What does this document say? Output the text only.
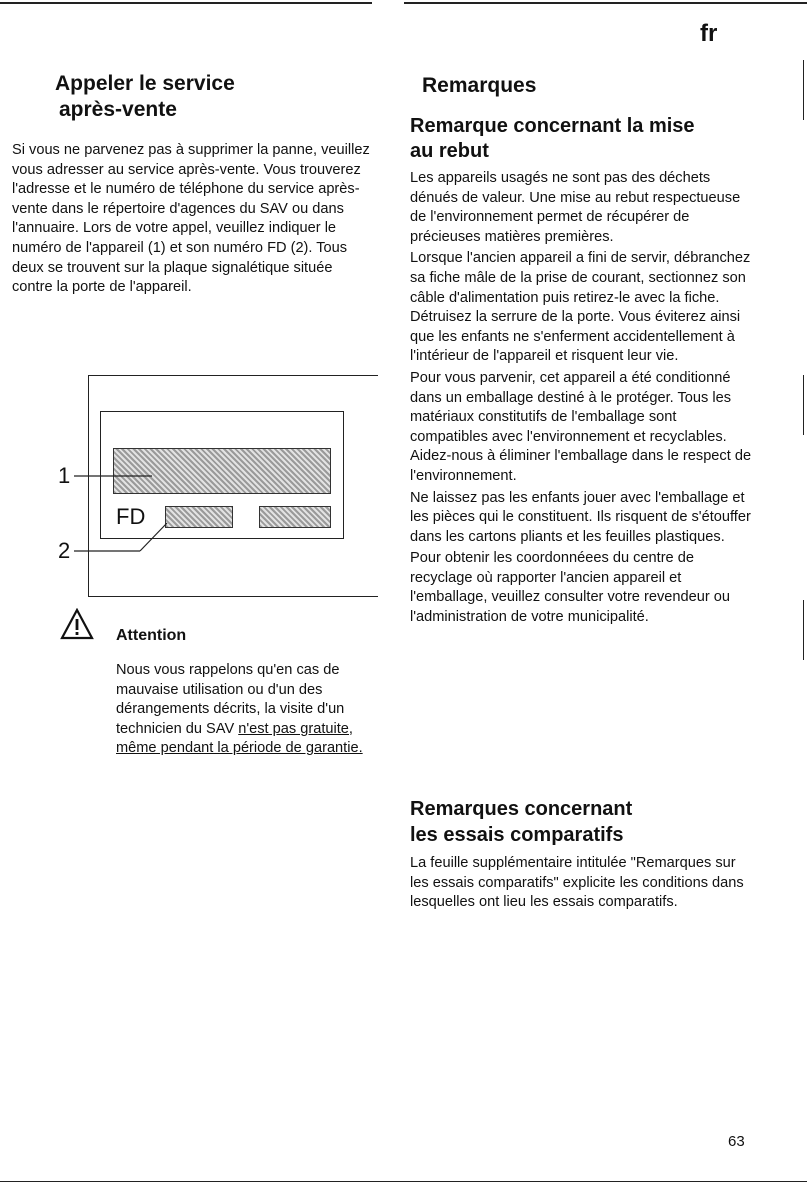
fr
Appeler le service
après-vente

Si vous ne parvenez pas à supprimer la panne, veuillez vous adresser au service après-vente. Vous trouverez l'adresse et le numéro de téléphone du service après-vente dans le répertoire d'agences du SAV ou dans l'annuaire. Lors de votre appel, veuillez indiquer le numéro de l'appareil (1) et son numéro FD (2). Tous deux se trouvent sur la plaque signalétique située contre la porte de l'appareil.

FD
1
2
Attention

Nous vous rappelons qu'en cas de mauvaise utilisation ou d'un des dérangements décrits, la visite d'un technicien du SAV n'est pas gratuite, même pendant la période de garantie.

Remarques
Remarque concernant la mise
au rebut

Les appareils usagés ne sont pas des déchets dénués de valeur. Une mise au rebut respectueuse de l'environnement permet de récupérer de précieuses matières premières.

Lorsque l'ancien appareil a fini de servir, débranchez sa fiche mâle de la prise de courant, sectionnez son câble d'alimentation puis retirez-le avec la fiche. Détruisez la serrure de la porte. Vous éviterez ainsi que les enfants ne s'enferment accidentellement à l'intérieur de l'appareil et risquent leur vie.

Pour vous parvenir, cet appareil a été conditionné dans un emballage destiné à le protéger. Tous les matériaux constitutifs de l'emballage sont compatibles avec l'environnement et recyclables. Aidez-nous à éliminer l'emballage dans le respect de l'environnement.

Ne laissez pas les enfants jouer avec l'emballage et les pièces qui le constituent. Ils risquent de s'étouffer dans les cartons pliants et les feuilles plastiques.

Pour obtenir les coordonnéees du centre de recyclage où rapporter l'ancien appareil et l'emballage, veuillez consulter votre revendeur ou l'administration de votre municipalité.

Remarques concernant
les essais comparatifs

La feuille supplémentaire intitulée "Remarques sur les essais comparatifs" explicite les conditions dans lesquelles ont lieu les essais comparatifs.

63
